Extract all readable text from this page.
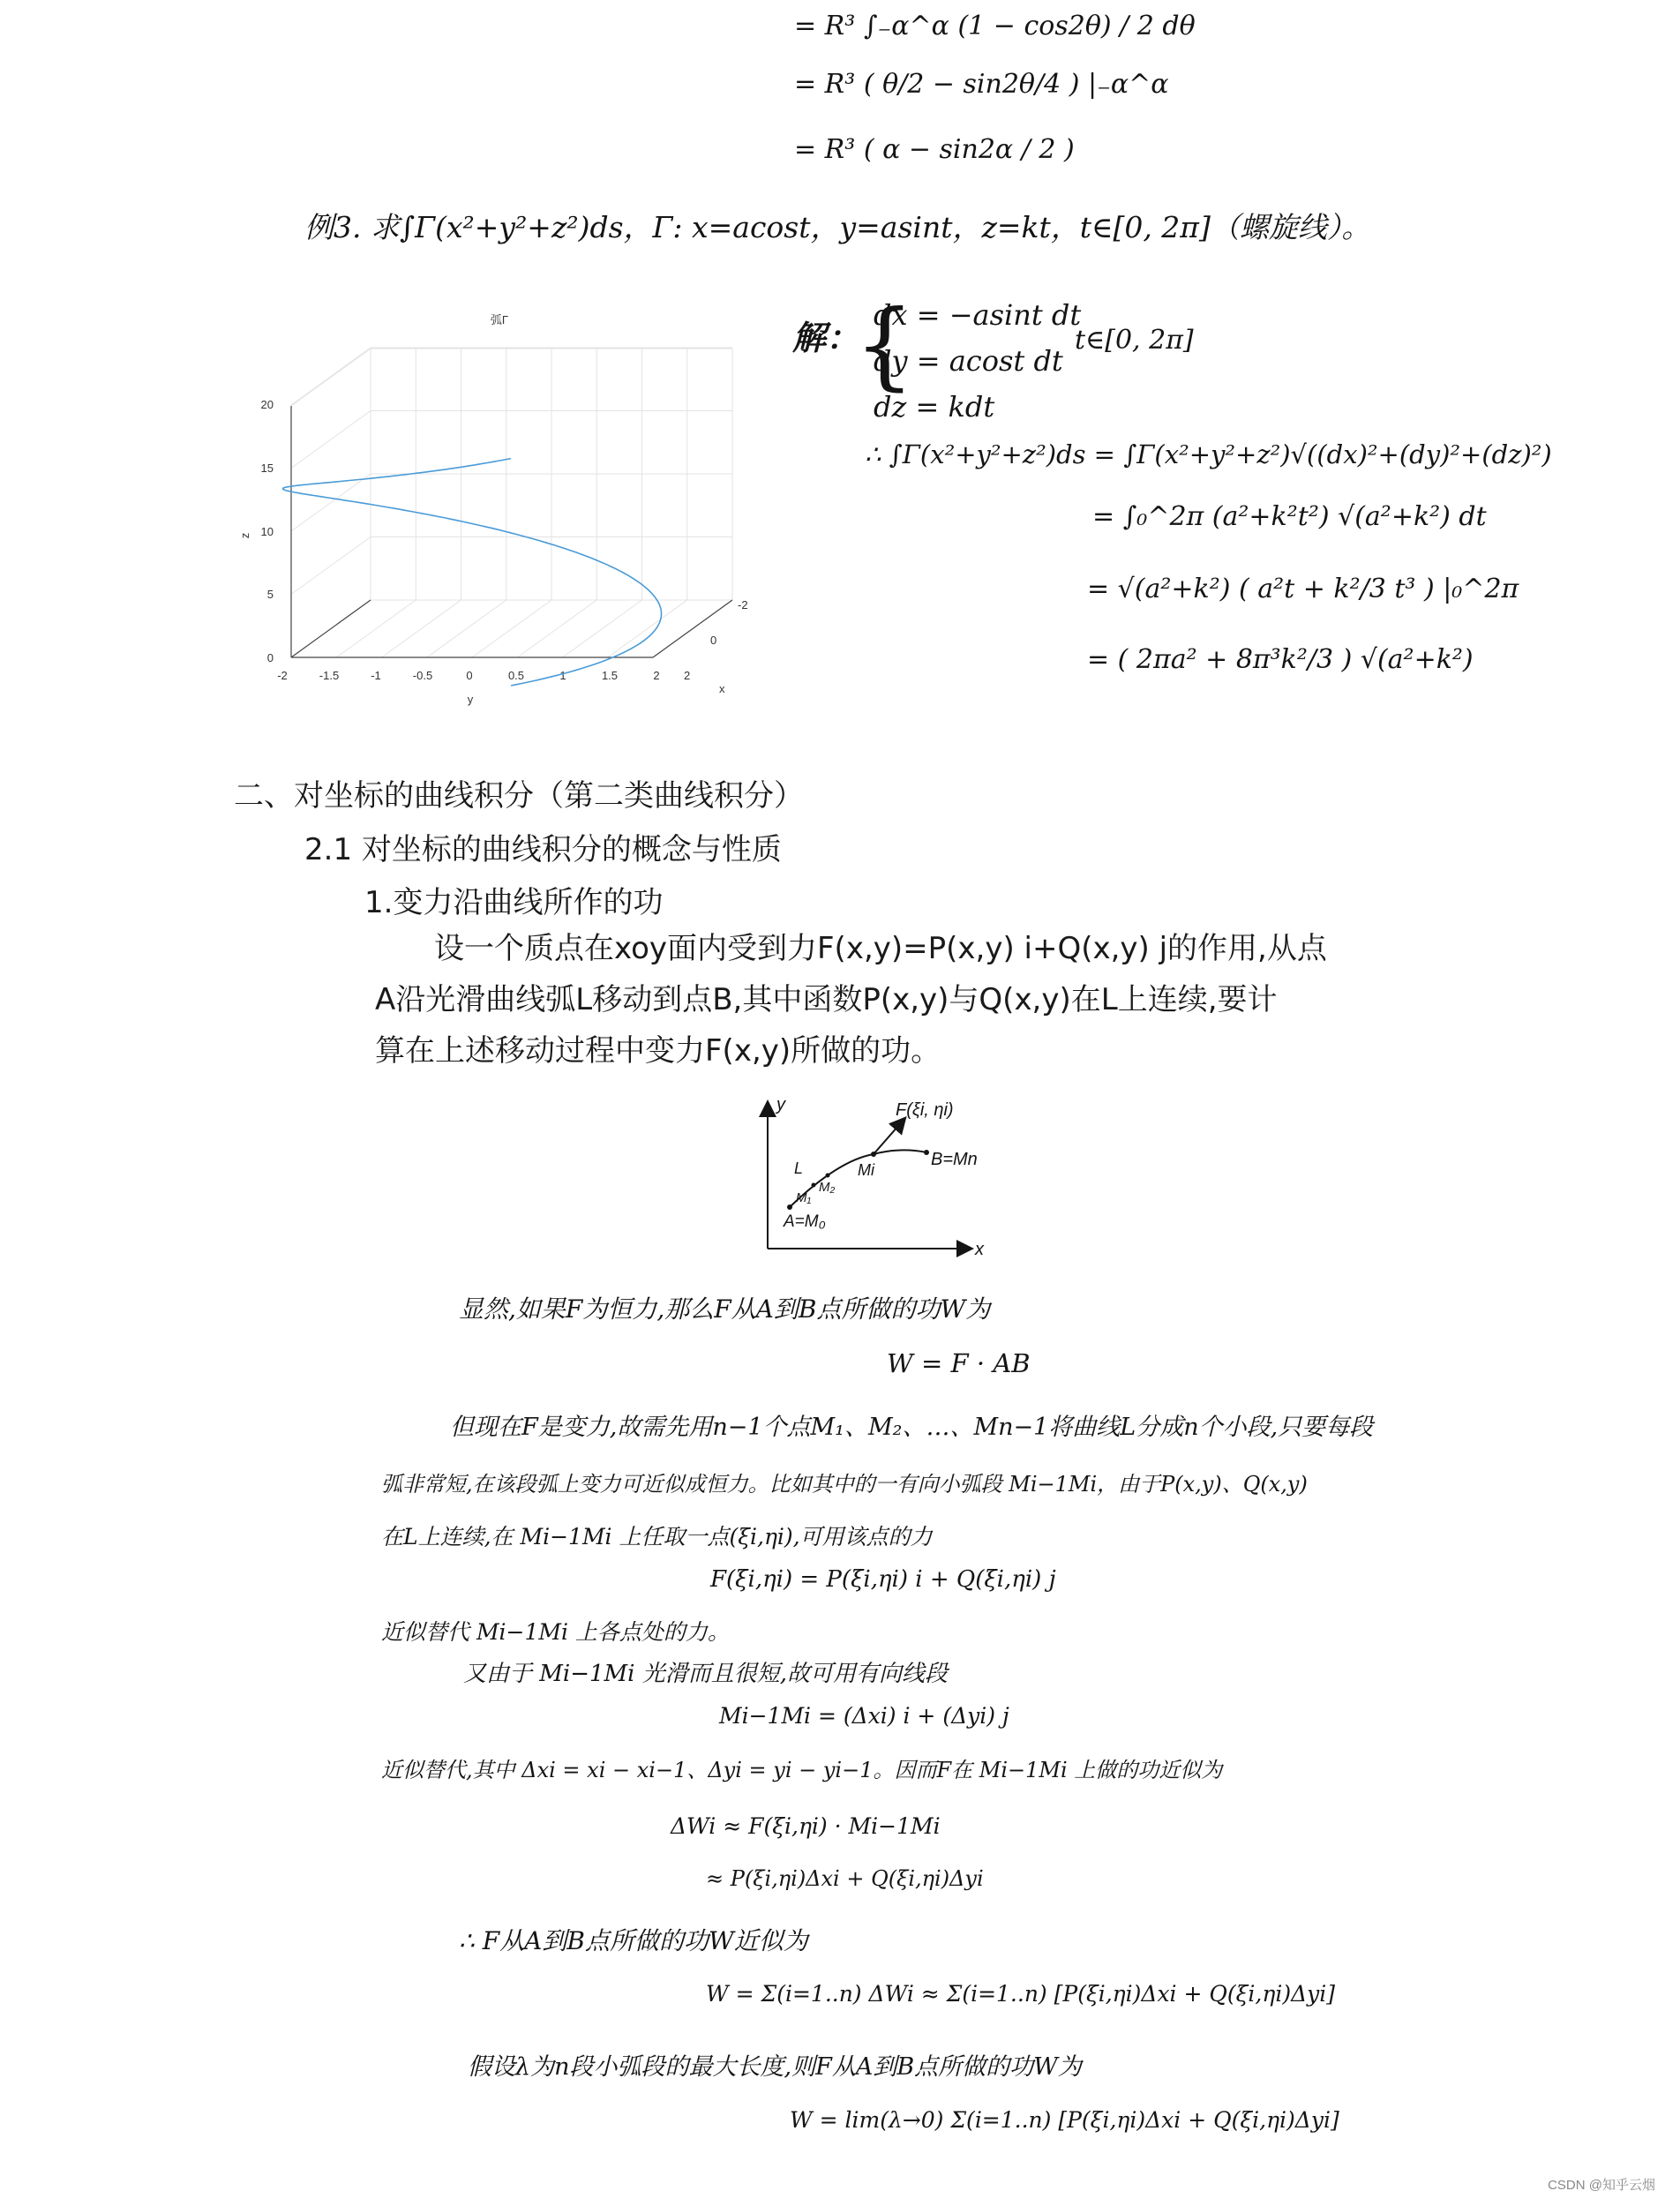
= R³ ∫₋α^α (1 − cos2θ) / 2 dθ
= R³ ( θ/2 − sin2θ/4 ) |₋α^α
= R³ ( α − sin2α / 2 )
例3. 求∫Γ(x²+y²+z²)ds，Γ: x=acost，y=asint，z=kt，t∈[0, 2π]（螺旋线）。
弧Γ
0
5
10
15
20
z
-2	-1.5	-1	-0.5	0	0.5	1	1.5	2
y
-2
0
2
x
解：
{
dx = −asint dt
dy = acost dt
dz = kdt
t∈[0, 2π]
∴ ∫Γ(x²+y²+z²)ds = ∫Γ(x²+y²+z²)√((dx)²+(dy)²+(dz)²)
= ∫₀^2π (a²+k²t²) √(a²+k²) dt
= √(a²+k²) ( a²t + k²/3 t³ ) |₀^2π
= ( 2πa² + 8π³k²/3 ) √(a²+k²)
二、对坐标的曲线积分（第二类曲线积分）
2.1 对坐标的曲线积分的概念与性质
1.变力沿曲线所作的功
设一个质点在xoy面内受到力F(x,y)=P(x,y) i+Q(x,y) j的作用,从点
A沿光滑曲线弧L移动到点B,其中函数P(x,y)与Q(x,y)在L上连续,要计
算在上述移动过程中变力F(x,y)所做的功。
y
x
F(ξi, ηi)
Mi
B=Mn
L
M₂
M₁
A=M₀
显然,如果F为恒力,那么F从A到B点所做的功W为
W = F · AB
但现在F是变力,故需先用n−1个点M₁、M₂、…、Mn−1将曲线L分成n个小段,只要每段
弧非常短,在该段弧上变力可近似成恒力。比如其中的一有向小弧段 Mi−1Mi，由于P(x,y)、Q(x,y)
在L上连续,在 Mi−1Mi 上任取一点(ξi,ηi),可用该点的力
F(ξi,ηi) = P(ξi,ηi) i + Q(ξi,ηi) j
近似替代 Mi−1Mi 上各点处的力。
又由于 Mi−1Mi 光滑而且很短,故可用有向线段
Mi−1Mi = (Δxi) i + (Δyi) j
近似替代,其中 Δxi = xi − xi−1、Δyi = yi − yi−1。因而F在 Mi−1Mi 上做的功近似为
ΔWi ≈ F(ξi,ηi) · Mi−1Mi
≈ P(ξi,ηi)Δxi + Q(ξi,ηi)Δyi
∴ F从A到B点所做的功W近似为
W = Σ(i=1..n) ΔWi ≈ Σ(i=1..n) [P(ξi,ηi)Δxi + Q(ξi,ηi)Δyi]
假设λ为n段小弧段的最大长度,则F从A到B点所做的功W为
W = lim(λ→0) Σ(i=1..n) [P(ξi,ηi)Δxi + Q(ξi,ηi)Δyi]
CSDN @知乎云烟
